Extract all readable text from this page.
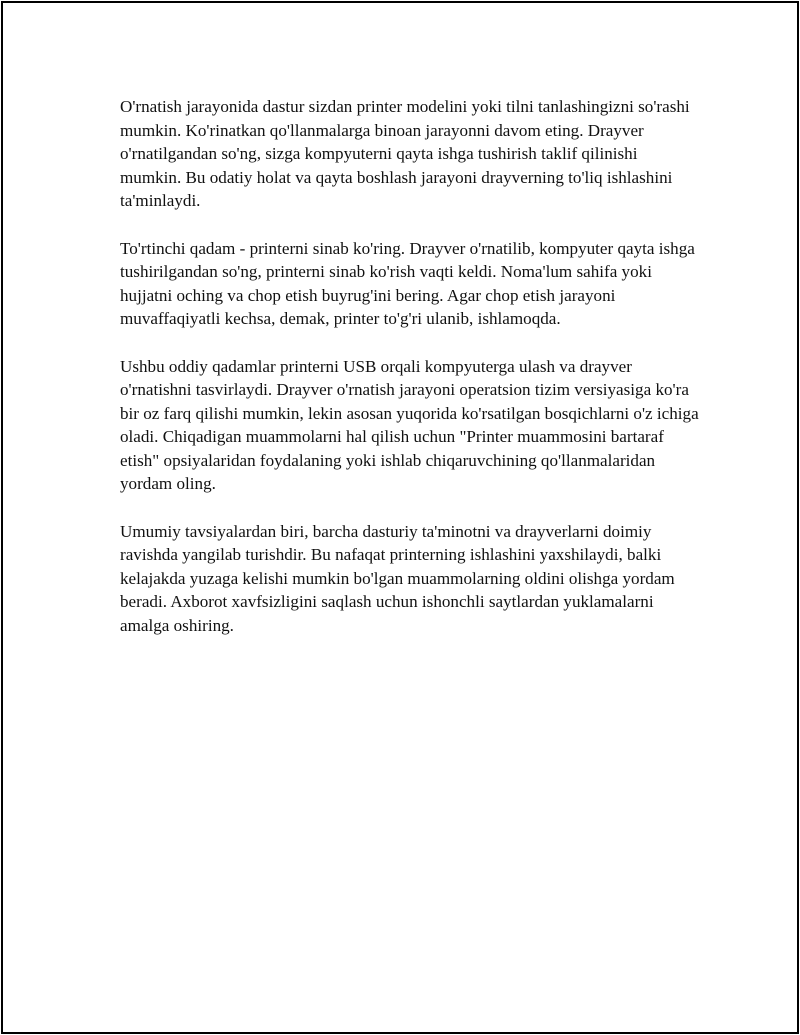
O'rnatish jarayonida dastur sizdan printer modelini yoki tilni tanlashingizni so'rashi mumkin. Ko'rinatkan qo'llanmalarga binoan jarayonni davom eting. Drayver o'rnatilgandan so'ng, sizga kompyuterni qayta ishga tushirish taklif qilinishi mumkin. Bu odatiy holat va qayta boshlash jarayoni drayverning to'liq ishlashini ta'minlaydi.

To'rtinchi qadam - printerni sinab ko'ring. Drayver o'rnatilib, kompyuter qayta ishga tushirilgandan so'ng, printerni sinab ko'rish vaqti keldi. Noma'lum sahifa yoki hujjatni oching va chop etish buyrug'ini bering. Agar chop etish jarayoni muvaffaqiyatli kechsa, demak, printer to'g'ri ulanib, ishlamoqda.

Ushbu oddiy qadamlar printerni USB orqali kompyuterga ulash va drayver o'rnatishni tasvirlaydi. Drayver o'rnatish jarayoni operatsion tizim versiyasiga ko'ra bir oz farq qilishi mumkin, lekin asosan yuqorida ko'rsatilgan bosqichlarni o'z ichiga oladi. Chiqadigan muammolarni hal qilish uchun "Printer muammosini bartaraf etish" opsiyalaridan foydalaning yoki ishlab chiqaruvchining qo'llanmalaridan yordam oling.

Umumiy tavsiyalardan biri, barcha dasturiy ta'minotni va drayverlarni doimiy ravishda yangilab turishdir. Bu nafaqat printerning ishlashini yaxshilaydi, balki kelajakda yuzaga kelishi mumkin bo'lgan muammolarning oldini olishga yordam beradi. Axborot xavfsizligini saqlash uchun ishonchli saytlardan yuklamalarni amalga oshiring.
